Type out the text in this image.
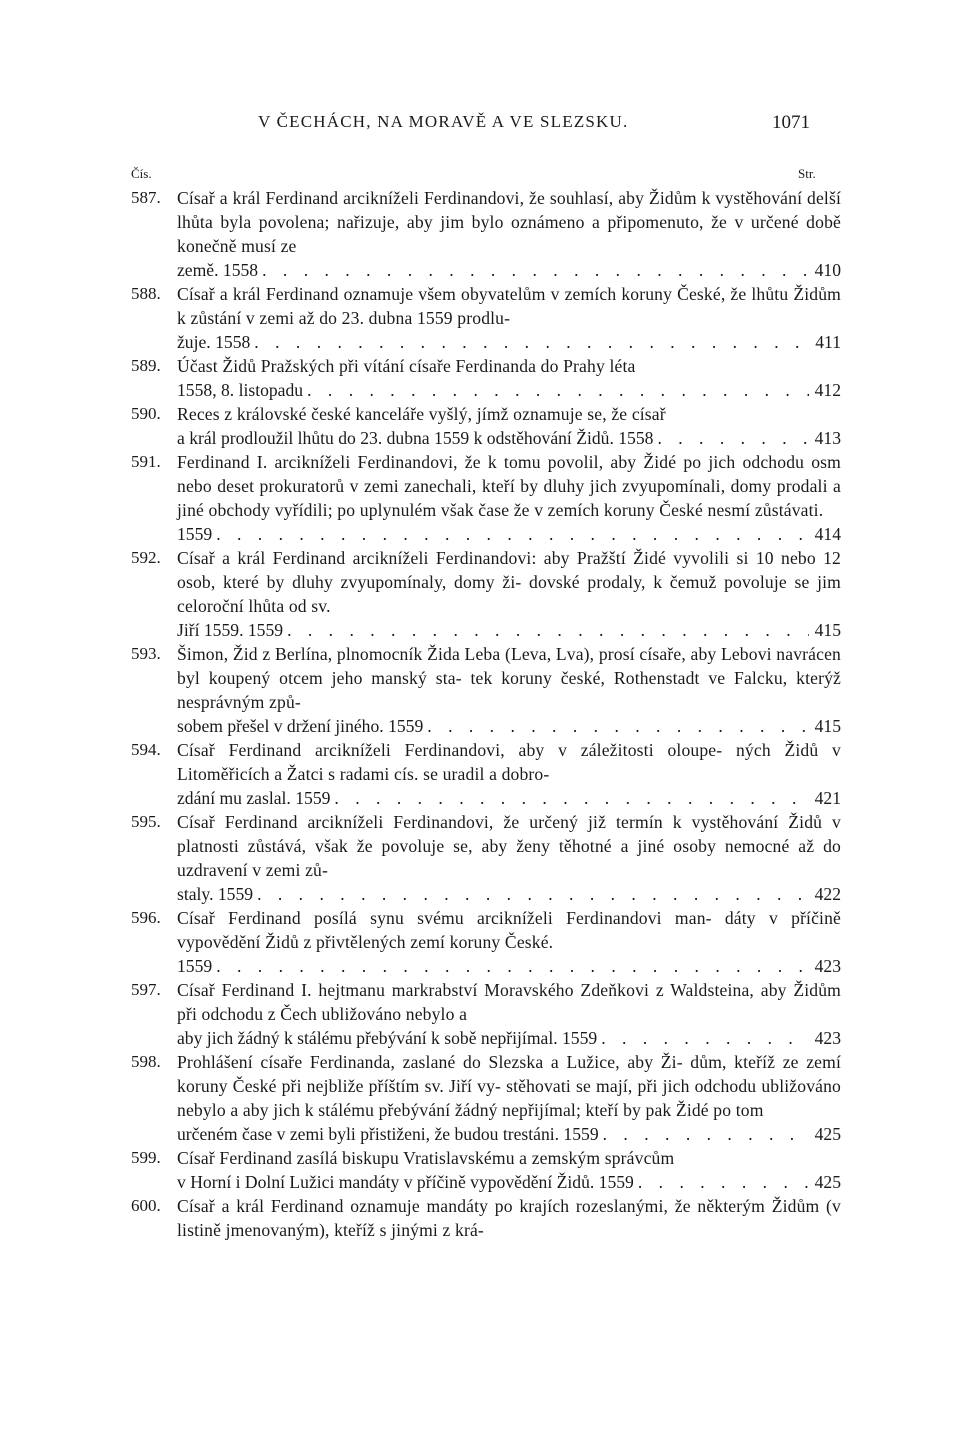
V ČECHÁCH, NA MORAVĚ A VE SLEZSKU.	1071
Čís.	Str.
587. Císař a král Ferdinand arcikníželi Ferdinandovi, že souhlasí, aby Židům k vystěhování delší lhůta byla povolena; nařizuje, aby jim bylo oznámeno a připomenuto, že v určené době konečně musí ze
země. 1558 . . .	410
588. Císař a král Ferdinand oznamuje všem obyvatelům v zemích koruny České, že lhůtu Židům k zůstání v zemi až do 23. dubna 1559 prodlu-
žuje. 1558 . . .	411
589. Účast Židů Pražských při vítání císaře Ferdinanda do Prahy léta
1558, 8. listopadu . . .	412
590. Reces z královské české kanceláře vyšlý, jímž oznamuje se, že císař
a král prodloužil lhůtu do 23. dubna 1559 k odstěhování Židů. 1558 . . .	413
591. Ferdinand I. arcikníželi Ferdinandovi, že k tomu povolil, aby Židé po jich odchodu osm nebo deset prokuratorů v zemi zanechali, kteří by dluhy jich zvyupomínali, domy prodali a jiné obchody vyřídili; po uplynulém však čase že v zemích koruny České nesmí zůstávati.
1559 . . .	414
592. Císař a král Ferdinand arcikníželi Ferdinandovi: aby Pražští Židé vyvolili si 10 nebo 12 osob, které by dluhy zvyupomínaly, domy ži- dovské prodaly, k čemuž povoluje se jim celoroční lhůta od sv.
Jiří 1559. 1559 . . .	415
593. Šimon, Žid z Berlína, plnomocník Žida Leba (Leva, Lva), prosí císaře, aby Lebovi navrácen byl koupený otcem jeho manský sta- tek koruny české, Rothenstadt ve Falcku, kterýž nesprávným způ-
sobem přešel v držení jiného. 1559 . . .	415
594. Císař Ferdinand arcikníželi Ferdinandovi, aby v záležitosti oloupe- ných Židů v Litoměřicích a Žatci s radami cís. se uradil a dobro-
zdání mu zaslal. 1559 . . .	421
595. Císař Ferdinand arcikníželi Ferdinandovi, že určený již termín k vystěhování Židů v platnosti zůstává, však že povoluje se, aby ženy těhotné a jiné osoby nemocné až do uzdravení v zemi zů-
staly. 1559 . . .	422
596. Císař Ferdinand posílá synu svému arcikníželi Ferdinandovi man- dáty v příčině vypovědění Židů z přivtělených zemí koruny České.
1559 . . .	423
597. Císař Ferdinand I. hejtmanu markrabství Moravského Zdeňkovi z Waldsteina, aby Židům při odchodu z Čech ubližováno nebylo a
aby jich žádný k stálému přebývání k sobě nepřijímal. 1559 . . .	423
598. Prohlášení císaře Ferdinanda, zaslané do Slezska a Lužice, aby Ži- dům, kteříž ze zemí koruny České při nejbliže příštím sv. Jiří vy- stěhovati se mají, při jich odchodu ubližováno nebylo a aby jich k stálému přebývání žádný nepřijímal; kteří by pak Židé po tom
určeném čase v zemi byli přistiženi, že budou trestáni. 1559 . . .	425
599. Císař Ferdinand zasílá biskupu Vratislavskému a zemským správcům
v Horní i Dolní Lužici mandáty v příčině vypovědění Židů. 1559 . . .	425
600. Císař a král Ferdinand oznamuje mandáty po krajích rozeslanými, že některým Židům (v listině jmenovaným), kteříž s jinými z krá-
